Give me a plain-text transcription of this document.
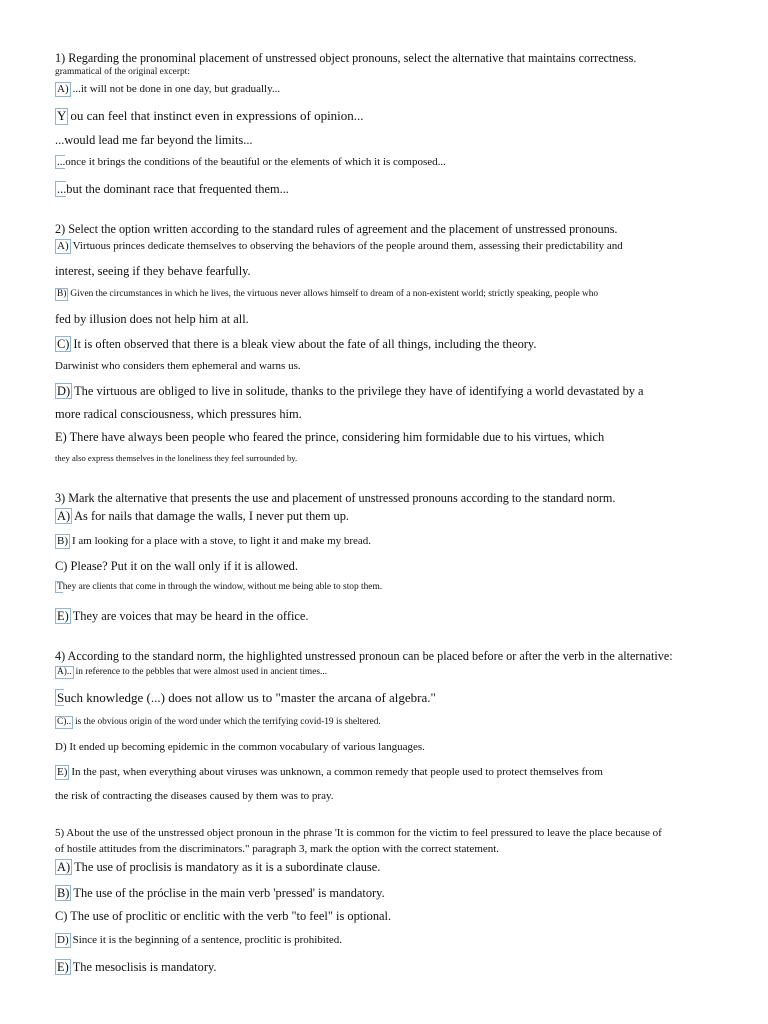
1) Regarding the pronominal placement of unstressed object pronouns, select the alternative that maintains correctness.
grammatical of the original excerpt:
A) ...it will not be done in one day, but gradually...
Y ou can feel that instinct even in expressions of opinion...
...would lead me far beyond the limits...
...once it brings the conditions of the beautiful or the elements of which it is composed...
...but the dominant race that frequented them...
2) Select the option written according to the standard rules of agreement and the placement of unstressed pronouns.
A) Virtuous princes dedicate themselves to observing the behaviors of the people around them, assessing their predictability and
interest, seeing if they behave fearfully.
B) Given the circumstances in which he lives, the virtuous never allows himself to dream of a non-existent world; strictly speaking, people who
fed by illusion does not help him at all.
C) It is often observed that there is a bleak view about the fate of all things, including the theory.
Darwinist who considers them ephemeral and warns us.
D) The virtuous are obliged to live in solitude, thanks to the privilege they have of identifying a world devastated by a
more radical consciousness, which pressures him.
E) There have always been people who feared the prince, considering him formidable due to his virtues, which
they also express themselves in the loneliness they feel surrounded by.
3) Mark the alternative that presents the use and placement of unstressed pronouns according to the standard norm.
A) As for nails that damage the walls, I never put them up.
B) I am looking for a place with a stove, to light it and make my bread.
C) Please? Put it on the wall only if it is allowed.
They are clients that come in through the window, without me being able to stop them.
E) They are voices that may be heard in the office.
4) According to the standard norm, the highlighted unstressed pronoun can be placed before or after the verb in the alternative:
A).. in reference to the pebbles that were almost used in ancient times...
Such knowledge (...) does not allow us to "master the arcana of algebra."
C).. is the obvious origin of the word under which the terrifying covid-19 is sheltered.
D) It ended up becoming epidemic in the common vocabulary of various languages.
E) In the past, when everything about viruses was unknown, a common remedy that people used to protect themselves from
the risk of contracting the diseases caused by them was to pray.
5) About the use of the unstressed object pronoun in the phrase 'It is common for the victim to feel pressured to leave the place because of
of hostile attitudes from the discriminators." paragraph 3, mark the option with the correct statement.
A) The use of proclisis is mandatory as it is a subordinate clause.
B) The use of the próclise in the main verb 'pressed' is mandatory.
C) The use of proclitic or enclitic with the verb "to feel" is optional.
D) Since it is the beginning of a sentence, proclitic is prohibited.
E) The mesoclisis is mandatory.
